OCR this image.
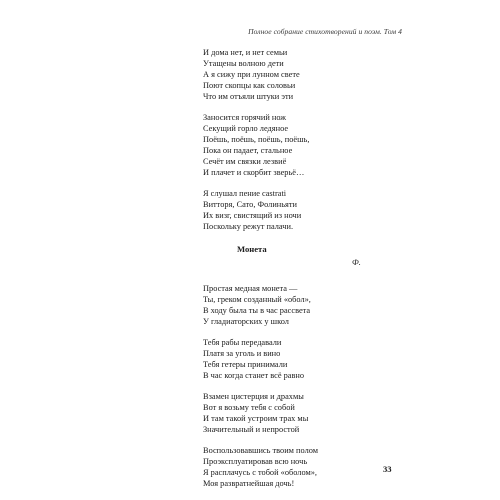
Полное собрание стихотворений и поэм. Том 4
И дома нет, и нет семьи
Утащены волною дети
А я сижу при лунном свете
Поют скопцы как соловьи
Что им отъяли штуки эти
Заносится горячий нож
Секущий горло ледяное
Поёшь, поёшь, поёшь, поёшь,
Пока он падает, стальное
Сечёт им связки лезвиё
И плачет и скорбит зверьё…
Я слушал пение castrati
Витторя, Сато, Фолиньяти
Их визг, свистящий из ночи
Поскольку режут палачи.
Монета
Ф.
Простая медная монета —
Ты, греком созданный «обол»,
В ходу была ты в час рассвета
У гладиаторских у школ
Тебя рабы передавали
Платя за уголь и вино
Тебя гетеры принимали
В час когда станет всё равно
Взамен цистерция и драхмы
Вот я возьму тебя с собой
И там такой устроим трах мы
Значительный и непростой
Воспользовавшись твоим полом
Проэксплуатировав всю ночь
Я расплачусь с тобой «оболом»,
Моя развратнейшая дочь!
33
